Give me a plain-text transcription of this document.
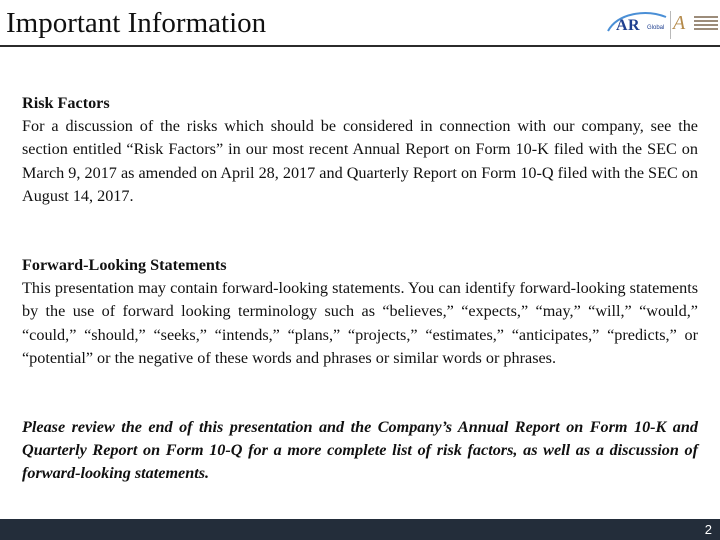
Important Information	AR Global A

Risk Factors

For a discussion of the risks which should be considered in connection with our company, see the section entitled “Risk Factors” in our most recent Annual Report on Form 10-K filed with the SEC on March 9, 2017 as amended on April 28, 2017 and Quarterly Report on Form 10-Q filed with the SEC on August 14, 2017.

Forward-Looking Statements

This presentation may contain forward-looking statements. You can identify forward-looking statements by the use of forward looking terminology such as “believes,” “expects,” “may,” “will,” “would,” “could,” “should,” “seeks,” “intends,” “plans,” “projects,” “estimates,” “anticipates,” “predicts,” or “potential” or the negative of these words and phrases or similar words or phrases.

Please review the end of this presentation and the Company’s Annual Report on Form 10-K and Quarterly Report on Form 10-Q for a more complete list of risk factors, as well as a discussion of forward-looking statements.

2
